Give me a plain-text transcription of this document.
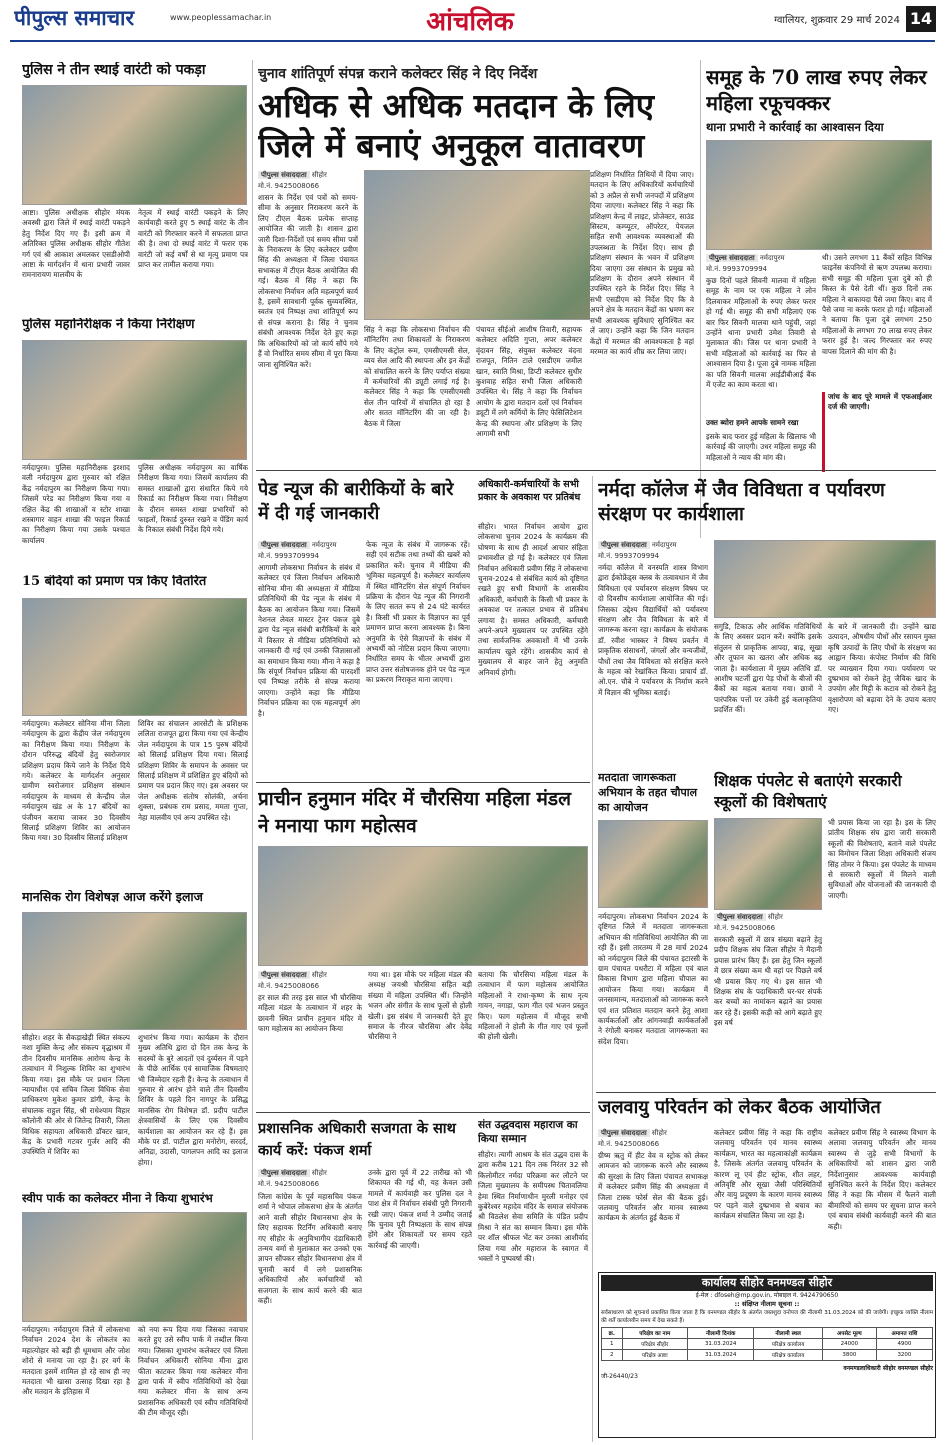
पीपुल्स समाचार	www.peoplessamachar.in	आंचलिक	ग्वालियर, शुक्रवार 29 मार्च 2024 14
पुलिस ने तीन स्थाई वारंटी को पकड़ा
आष्टा। पुलिस अधीक्षक सीहोर मंयक अवस्थी द्वारा जिले में स्थाई वारंटी पकड़ने हेतु निर्देश दिए गए हैं। इसी क्रम में अतिरिक्त पुलिस अधीक्षक सीहोर गीतेश गर्ग एवं श्री आकाश अमलकर एसडीओपी आष्टा के मार्गदर्शन में थाना प्रभारी जावर रामनारायण मालवीय के
नेतृत्व में स्थाई वारंटी पकड़ने के लिए कार्यवाही करते हुए 5 स्थाई वारंट के तीन वारंटी को गिरफ्तार करने में सफलता प्राप्त की है। तथा दो स्थाई वारंट में फरार एक वारंटी जो कई वर्षों से था मृत्यु प्रमाण पत्र प्राप्त कर तामील कराया गया।
पुलिस महानिरीक्षक ने किया निरीक्षण
नर्मदापुरम। पुलिस महानिरीक्षक इरशाद वली नर्मदापुरम द्वारा गुरुवार को रक्षित केंद्र नर्मदापुरम का निरीक्षण किया गया। जिसमें परेड का निरीक्षण किया गया व रक्षित केंद्र की शाखाओं व स्टोर शाखा शस्त्रागार वाहन शाखा की फाइल रिकार्ड का निरीक्षण किया गया उसके पश्चात कार्यालय
पुलिस अधीक्षक नर्मदापुरम का वार्षिक निरीक्षण किया गया। जिसमें कार्यालय की समस्त शाखाओं द्वारा संधारित किये गये रिकार्ड का निरीक्षण किया गया। निरीक्षण के दौरान समस्त शाखा प्रभारियों को फाइलों, रिकार्ड दुरुस्त रखने व पेंडिंग कार्य के निकाल संबंधी निर्देश दिये गये।
15 बंदियों को प्रमाण पत्र किए वितरित
नर्मदापुरम। कलेक्टर सोनिया मीना जिला नर्मदापुरम के द्वारा केंद्रीय जेल नर्मदापुरम का निरीक्षण किया गया। निरीक्षण के दौरान परिरुद्ध बंदियों हेतु स्वरोजगार प्रशिक्षण प्रदाय किये जाने के निर्देश दिये गये। कलेक्टर के मार्गदर्शन अनुसार ग्रामीण स्वरोजगार प्रशिक्षण संस्थान नर्मदापुरम के माध्यम से केन्द्रीय जेल नर्मदापुरम खंड अ के 17 बंदियों का पंजीयन कराया जाकर 30 दिवसीय सिलाई प्रशिक्षण शिविर का आयोजन किया गया। 30 दिवसीय सिलाई प्रशिक्षण
शिविर का संचालन आरसेटी के प्रशिक्षक ललिता राजपूत द्वारा किया गया एवं केन्द्रीय जेल नर्मदापुरम के पात्र 15 पुरुष बंदियों को सिलाई प्रशिक्षण दिया गया। सिलाई प्रशिक्षण शिविर के समापन के अवसर पर सिलाई प्रशिक्षण में प्रशिक्षित हुए बंदियों को प्रमाण पत्र प्रदान किए गए। इस अवसर पर जेल अधीक्षक संतोष सोलंकी, अर्चना शुक्ला, प्रबंधक राम प्रसाद, ममता गुप्ता, नेहा मालवीय एवं अन्य उपस्थित रहे।
मानसिक रोग विशेषज्ञ आज करेंगे इलाज
सीहोर। शहर के सैकड़ाखेड़ी स्थित संकल्प नशा मुक्ति केन्द्र और संकल्प वृद्धाश्रम में तीन दिवसीय मानसिक आरोग्य केन्द्र के तत्वाधान में निशुल्क शिविर का शुभारंभ किया गया। इस मौके पर प्रधान जिला न्यायाधीश एवं सचिव जिला विधिक सेवा प्राधिकरण मुकेश कुमार डांगी, केन्द्र के संचालक राहुल सिंह, श्री राधेश्याम विहार कॉलोनी की ओर से जितेन्द्र तिवारी, जिला विधिक सहायता अधिकारी डॉक्टर खान, केंद्र के प्रभारी गटवर गुर्जर आदि की उपस्थिति में शिविर का
शुभारंभ किया गया। कार्यक्रम के दौरान मुख्य अतिथि द्वारा दो दिन तक केन्द्र के सदस्यों के बुरे आदतों एवं दुर्व्यसन में पड़ने के पीछे आर्थिक एवं सामाजिक विषमताएं भी जिम्मेदार रहती हैं। केन्द्र के तत्वाधान में गुरुवार से आरंभ होने वाले तीन दिवसीय शिविर के पहले दिन नागपुर के प्रसिद्ध मानसिक रोग विशेषज्ञ डॉ. प्रदीप पाटील क्षेत्रवासियों के लिए एक दिवसीय कार्यशाला का आयोजन कर रहे हैं। इस मौके पर डॉ. पाटील द्वारा मनोरोग, सरदर्द, अनिद्रा, उदासी, पागलपन आदि का इलाज होगा।
स्वीप पार्क का कलेक्टर मीना ने किया शुभारंभ
नर्मदापुरम। नर्मदापुरम जिले में लोकसभा निर्वाचन 2024 देश के लोकतंत्र का महात्योहार को बड़ी ही धूमधाम और जोश शोरो से मनाया जा रहा है। हर वर्ग के मतदाता इसमें शामिल हो रहे साथ ही नए मतदाता भी खासा उत्साह दिखा रहा है और मतदान के इतिहास में
को नया रूप दिया गया जिसका नवाचार करते हुए उसे स्वीप पार्क में तब्दील किया गया। जिसका शुभारंभ कलेक्टर एवं जिला निर्वाचन अधिकारी सोनिया मीना द्वारा फीता काटकर किया गया कलेक्टर मीना द्वारा पार्क में स्वीप गतिविधियों को देखा गया कलेक्टर मीना के साथ अन्य प्रशासनिक अधिकारी एवं स्वीप गतिविधियों की टीम मौजूद रही।
चुनाव शांतिपूर्ण संपन्न कराने कलेक्टर सिंह ने दिए निर्देश
अधिक से अधिक मतदान के लिए जिले में बनाएं अनुकूल वातावरण
पीपुल्स संवाददाता सीहोर
मो.नं. 9425008066
शासन के निर्देश एवं पत्रों को समय-सीमा के अनुसार निराकरण करने के लिए टीएल बैठक प्रत्येक सप्ताह आयोजित की जाती है। शासन द्वारा जारी दिशा-निर्देशों एवं समय सीमा पत्रों के निराकरण के लिए कलेक्टर प्रवीण सिंह की अध्यक्षता में जिला पंचायत सभाकक्ष में टीएल बैठक आयोजित की गई। बैठक में सिंह ने कहा कि लोकसभा निर्वाचन अति महत्वपूर्ण कार्य है, इसमें सावधानी पूर्वक सुव्यवस्थित, स्वतंत्र एवं निष्पक्ष तथा शांतिपूर्ण रूप से संपन्न कराना है। सिंह ने चुनाव संबंधी आवश्यक निर्देश देते हुए कहा कि अधिकारियों को जो कार्य सौंपे गये हैं वो निर्धारित समय सीमा में पूरा किया जाना सुनिश्चित करें।
सिंह ने कहा कि लोकसभा निर्वाचन की मॉनिटरिंग तथा शिकायतों के निराकरण के लिए कंट्रोल रूम, एमसीएमसी सेल, व्यय सेल आदि की स्थापना और इन केंद्रों को संचालित करने के लिए पर्याप्त संख्या में कर्मचारियों की ड्यूटी लगाई गई है। कलेक्टर सिंह ने कहा कि एमसीएमसी सेल तीन पारियों में संचालित हो रहा है और सतत मॉनिटरिंग की जा रही है। बैठक में जिला
पंचायत सीईओ आशीष तिवारी, सहायक कलेक्टर अदिति गुप्ता, अपर कलेक्टर वृंदावन सिंह, संयुक्त कलेक्टर वंदना राजपूत, नितिन टाले एसडीएम जमील खान, स्वाति मिश्रा, डिप्टी कलेक्टर सुधीर कुशवाह सहित सभी जिला अधिकारी उपस्थित थे। सिंह ने कहा कि निर्वाचन आयोग के द्वारा मतदान दलों एवं निर्वाचन ड्यूटी में लगे कर्मियों के लिए फेसिलिटेशन केन्द्र की स्थापना और प्रशिक्षण के लिए आगामी सभी
प्रशिक्षण निर्धारित तिथियों में दिया जाए। मतदान के लिए अधिकारियों कर्मचारियों को 3 अप्रैल से सभी जनपदों में प्रशिक्षण दिया जाएगा। कलेक्टर सिंह ने कहा कि प्रशिक्षण केन्द्र में लाइट, प्रोजेक्टर, साउंड सिस्टम, कम्प्यूटर, ऑपरेटर, पेयजल सहित सभी आवश्यक व्यवस्थाओं की उपलब्धता के निर्देश दिए। साथ ही प्रशिक्षण संस्थान के भवन में प्रशिक्षण दिया जाएगा उस संस्थान के प्रमुख को प्रशिक्षण के दौरान अपने संस्थान में उपस्थित रहने के निर्देश दिए। सिंह ने सभी एसडीएम को निर्देश दिए कि वे अपने क्षेत्र के मतदान केंद्रों का भ्रमण कर सभी आवश्यक सुविधाएं सुनिश्चित कर लें जाए। उन्होंने कहा कि जिन मतदान केंद्रों में मरम्मत की आवश्यकता है वहां मरम्मत का कार्य शीघ्र कर लिया जाए।
समूह के 70 लाख रुपए लेकर महिला रफूचक्कर
थाना प्रभारी ने कार्रवाई का आश्वासन दिया
पीपुल्स संवाददाता नर्मदापुरम
मो.नं. 9993709994
कुछ दिनों पहले सिवनी मालवा में महिला समूह के नाम पर एक महिला ने लोन दिलवाकर महिलाओं के रुपए लेकर फरार हो गई थी। समूह की सभी महिलाएं एक बार फिर सिवनी मालवा थाने पहुंची, जहां उन्होंने थाना प्रभारी उमेश तिवारी से मुलाकात की। जिस पर थाना प्रभारी ने सभी महिलाओं को कार्रवाई का फिर से आश्वासन दिया है। पूजा दुबे नामक महिला का पति सिवनी मालवा आईडीबीआई बैंक में एजेंट का काम करता था।
उक्त ब्योरा हमने आपके सामने रखा
इसके बाद फरार हुई महिला के खिलाफ भी कार्रवाई की जाएगी। उधर महिला समूह की महिलाओं ने न्याय की मांग की।
थी। उसने लगभग 11 बैंकों सहित विभिन्न फाइनेंस कंपनियों से ऋण उपलब्ध कराया। सभी समूह की महिला पूजा दुबे को ही किस्त के पैसे देती थीं। कुछ दिनों तक महिला ने बाकायदा पैसे जमा किए। बाद में पैसे जमा ना करके फरार हो गई। महिलाओं ने बताया कि पूजा दुबे लगभग 250 महिलाओं के लगभग 70 लाख रुपए लेकर फरार हुई है। जल्द गिरफ्तार कर रुपए वापस दिलाने की मांग की है।
जांच के बाद पूरे मामले में एफआईआर दर्ज की जाएगी।
पेड न्यूज की बारीकियों के बारे में दी गई जानकारी
पीपुल्स संवाददाता नर्मदापुरम
मो.नं. 9993709994
आगामी लोकसभा निर्वाचन के संबंध में कलेक्टर एवं जिला निर्वाचन अधिकारी सोनिया मीना की अध्यक्षता में मीडिया प्रतिनिधियों की पेड न्यूज के संबंध में बैठक का आयोजन किया गया। जिसमें नेशनल लेवल मास्टर ट्रेनर पंकज दुबे द्वारा पेड न्यूज संबंधी बारीकियों के बारे में विस्तार से मीडिया प्रतिनिधियों को जानकारी दी गई एवं उनकी जिज्ञासाओं का समाधान किया गया। मीना ने कहा है कि संपूर्ण निर्वाचन प्रक्रिया की पारदर्शी एवं निष्पक्ष तरीके से संपन्न कराया जाएगा। उन्होंने कहा कि मीडिया निर्वाचन प्रक्रिया का एक महत्वपूर्ण अंग है।
फेक न्यूज के संबंध में जागरूक रहें। सही एवं सटीक तथा तथ्यों की खबरें को प्रकाशित करें। चुनाव में मीडिया की भूमिका महत्वपूर्ण है। कलेक्टर कार्यालय में स्थित मॉनिटरिंग सेल संपूर्ण निर्वाचन प्रक्रिया के दौरान पेड न्यूज की निगरानी के लिए सतत रूप से 24 घंटे कार्यरत है। किसी भी प्रकार के विज्ञापन का पूर्व प्रमाणन प्राप्त करना आवश्यक है। बिना अनुमति के ऐसे विज्ञापनों के संबंध में अभ्यर्थी को नोटिस प्रदान किया जाएगा। निर्धारित समय के भीतर अभ्यर्थी द्वारा प्राप्त उत्तर संतोषजनक होने पर पेड न्यूज का प्रकरण निराकृत माना जाएगा।
अधिकारी-कर्मचारियों के सभी प्रकार के अवकाश पर प्रतिबंध
सीहोर। भारत निर्वाचन आयोग द्वारा लोकसभा चुनाव 2024 के कार्यक्रम की घोषणा के साथ ही आदर्श आचार संहिता प्रभावशील हो गई है। कलेक्टर एवं जिला निर्वाचन अधिकारी प्रवीण सिंह ने लोकसभा चुनाव-2024 से संबंधित कार्य को दृष्टिगत रखते हुए सभी विभागों के शासकीय अधिकारी, कर्मचारी के किसी भी प्रकार के अवकाश पर तत्काल प्रभाव से प्रतिबंध लगाया है। समस्त अधिकारी, कर्मचारी अपने-अपने मुख्यालय पर उपस्थित रहेंगे तथा सार्वजनिक अवकाशों में भी उनके कार्यालय खुले रहेंगे। शासकीय कार्य से मुख्यालय से बाहर जाने हेतु अनुमति अनिवार्य होगी।
नर्मदा कॉलेज में जैव विविधता व पर्यावरण संरक्षण पर कार्यशाला
पीपुल्स संवाददाता नर्मदापुरम
मो.नं. 9993709994
नर्मदा कॉलेज में वनस्पति शास्त्र विभाग द्वारा ईकोफ्रेंड्स क्लब के तत्वावधान में जैव विविधता एवं पर्यावरण संरक्षण विषय पर दो दिवसीय कार्यशाला आयोजित की गई। जिसका उद्देश्य विद्यार्थियों को पर्यावरण संरक्षण और जैव विविधता के बारे में जागरूक करना रहा। कार्यक्रम के संयोजक डॉ. रवीश भास्कर ने विषय प्रवर्तन में प्राकृतिक संसाधनों, जंगलों और वन्यजीवों, पौधों तथा जैव विविधता को संरक्षित करने के महत्व को रेखांकित किया। प्राचार्य डॉ. ओ.एन. चौबे ने पर्यावरण के निर्माण करने में विज्ञान की भूमिका बताई।
सगुडि, टिकाऊ और आर्थिक गतिविधियों के लिए अवसर प्रदान करें। क्योंकि इसके संतुलन से प्राकृतिक आपदा, बाढ़, सूखा और तूफान का खतरा और अधिक बढ़ जाता है। कार्यशाला में मुख्य अतिथि डॉ. आशीष चटर्जी द्वारा पेड़ पौधों के बीजों की बैंकों का महत्व बताया गया। छात्रों ने पारंपरिक पत्तों पर उकेरी हुई कलाकृतियां प्रदर्शित कीं।
के बारे में जानकारी दी। उन्होंने खाद्य उत्पादन, औषधीय पौधों और रसायन मुक्त कृषि उत्पादों के लिए पौधों के संरक्षण का आह्वान किया। कंपोस्ट निर्माण की विधि पर व्याख्यान दिया गया। पर्यावरण पर दुष्प्रभाव को रोकने हेतु जैविक खाद के उपयोग और मिट्टी के कटाव को रोकने हेतु वृक्षारोपण को बढ़ावा देने के उपाय बताए गए।
प्राचीन हनुमान मंदिर में चौरसिया महिला मंडल ने मनाया फाग महोत्सव
पीपुल्स संवाददाता सीहोर
मो.नं. 9425008066
हर साल की तरह इस साल भी चौरसिया महिला मंडल के तत्वाधान में शहर के छावनी स्थित प्राचीन हनुमान मंदिर में फाग महोत्सव का आयोजन किया
गया था। इस मौके पर महिला मंडल की अध्यक्ष जयश्री चौरसिया सहित बड़ी संख्या में महिला उपस्थित थीं। जिन्होंने भजन और संगीत के साथ फूलों से होली खेली। इस संबंध में जानकारी देते हुए समाज के नीरज चौरसिया और देवेंद्र चौरसिया ने
बताया कि चौरसिया महिला मंडल के तत्वाधान में फाग महोत्सव आयोजित महिलाओं ने राधा-कृष्ण के साथ नृत्य गायन, नगाड़ा, फाग गीत एवं भजन प्रस्तुत किए। फाग महोत्सव में मौजूद सभी महिलाओं ने होली के गीत गाए एवं फूलों की होली खेली।
प्रशासनिक अधिकारी सजगता के साथ कार्य करें: पंकज शर्मा
पीपुल्स संवाददाता सीहोर
मो.नं. 9425008066
जिला कांग्रेस के पूर्व महासचिव पंकज शर्मा ने भोपाल लोकसभा क्षेत्र के अंतर्गत आने वाली सीहोर विधानसभा क्षेत्र के लिए सहायक रिटर्निंग अधिकारी बनाए गए सीहोर के अनुविभागीय दंडाधिकारी तन्मय वर्मा से मुलाकात कर उनको एक ज्ञापन सौंपकर सीहोर विधानसभा क्षेत्र में चुनावी कार्य में लगे प्रशासनिक अधिकारियों और कर्मचारियों को सजगता के साथ कार्य करने की बात कही।
उनके द्वारा पूर्व में 22 तारीख को भी शिकायत की गई थी, यह केवल उसी मामले में कार्यवाही कर पुलिस दल ने पाश क्षेत्र में निर्वाचन संबंधी पूरी निगरानी रखी जाए। पंकज शर्मा ने उम्मीद जताई कि चुनाव पूरी निष्पक्षता के साथ संपन्न होंगे और शिकायतों पर समय रहते कार्रवाई की जाएगी।
संत उद्धवदास महाराज का किया सम्मान
सीहोर। त्यागी आश्रम के संत उद्धव दास के द्वारा करीब 121 दिन तक निरंतर 32 सौ किलोमीटर नर्मदा परिक्रमा कर लौटने पर जिला मुख्यालय के समीपस्थ चितावलिया हेमा स्थित निर्माणाधीन मुरली मनोहर एवं कुबेरेश्वर महादेव मंदिर के समाज संयोजक श्री विठलेश सेवा समिति के पंडित प्रदीप मिश्रा ने संत का सम्मान किया। इस मौके पर शॉल श्रीफल भेंट कर उनका आशीर्वाद लिया गया और महाराज के स्वागत में भक्तों ने पुष्पवर्षा की।
मतदाता जागरूकता अभियान के तहत चौपाल का आयोजन
नर्मदापुरम। लोकसभा निर्वाचन 2024 के दृष्टिगत जिले में मतदाता जागरूकता अभियान की गतिविधियां आयोजित की जा रही हैं। इसी तारतम्य में 28 मार्च 2024 को नर्मदापुरम जिले की पंचायत इटारसी के ग्राम पंचायत पथरौटा में महिला एवं बाल विकास विभाग द्वारा महिला चौपाल का आयोजन किया गया। कार्यक्रम में जनसामान्य, मतदाताओं को जागरूक करने एवं शत प्रतिशत मतदान करने हेतु आशा कार्यकर्ताओं और आंगनवाड़ी कार्यकर्ताओं ने रंगोली बनाकर मतदाता जागरूकता का संदेश दिया।
शिक्षक पंपलेट से बताएंगे सरकारी स्कूलों की विशेषताएं
पीपुल्स संवाददाता सीहोर
मो.नं. 9425008066
सरकारी स्कूलों में छात्र संख्या बढ़ाने हेतु प्रदीप शिक्षक संघ जिला सीहोर ने मैदानी प्रयास प्रारंभ किए हैं। इस हेतु जिन स्कूलों में छात्र संख्या कम थी वहां पर पिछले वर्ष भी प्रयास किए गए थे। इस साल भी शिक्षक संघ के पदाधिकारी घर-घर संपर्क कर बच्चों का नामांकन बढ़ाने का प्रयास कर रहे हैं। इसकी कड़ी को आगे बढ़ाते हुए इस वर्ष
भी प्रयास किया जा रहा है। इस के लिए प्रांतीय शिक्षक संघ द्वारा जारी सरकारी स्कूलों की विशेषताएं, बताने वाले पंपलेट का विमोचन जिला शिक्षा अधिकारी संजय सिंह तोमर ने किया। इस पंपलेट के माध्यम से सरकारी स्कूलों में मिलने वाली सुविधाओं और योजनाओं की जानकारी दी जाएगी।
जलवायु परिवर्तन को लेकर बैठक आयोजित
पीपुल्स संवाददाता सीहोर
मो.नं. 9425008066
ग्रीष्म ऋतु में हीट वेव व स्ट्रोक को लेकर आमजन को जागरूक करने और स्वास्थ्य की सुरक्षा के लिए जिला पंचायत सभाकक्ष में कलेक्टर प्रवीण सिंह की अध्यक्षता में जिला टास्क फोर्स सेल की बैठक हुई। जलवायु परिवर्तन और मानव स्वास्थ्य कार्यक्रम के अंतर्गत हुई बैठक में
कलेक्टर प्रवीण सिंह ने कहा कि राष्ट्रीय जलवायु परिवर्तन एवं मानव स्वास्थ्य कार्यक्रम, भारत का महत्वाकांक्षी कार्यक्रम है, जिसके अंतर्गत जलवायु परिवर्तन के कारण लू एवं हीट स्ट्रोक, शीत लहर, अतिवृष्टि और सूखा जैसी परिस्थितियों और वायु प्रदूषण के कारण मानव स्वास्थ्य पर पड़ने वाले दुष्प्रभाव से बचाव का कार्यक्रम संचालित किया जा रहा है।
कलेक्टर प्रवीण सिंह ने स्वास्थ्य विभाग के अलावा जलवायु परिवर्तन और मानव स्वास्थ्य से जुड़े सभी विभागों के अधिकारियों को शासन द्वारा जारी निर्देशानुसार आवश्यक कार्यवाही सुनिश्चित करने के निर्देश दिए। कलेक्टर सिंह ने कहा कि मौसम में फैलने वाली बीमारियों को समय पर सूचना प्राप्त करने एवं बचाव संबंधी कार्यवाही करने की बात कही।
कार्यालय सीहोर वनमण्डल सीहोर
ई-मेल : dfoseh@mp.gov.in, मोबाइल नं. 9424790650
:: संक्षिप्त नीलाम सूचना ::
सर्वसाधारण को सूचनार्थ प्रकाशित किया जाता है कि वनमण्डल सीहोर के अंतर्गत जब्तशुदा वनोपज की नीलामी 31.03.2024 को की जावेगी। इच्छुक व्यक्ति नीलाम की शर्तें कार्यालयीन समय में देख सकते हैं।
क्र.	परिक्षेत्र का नाम	नीलामी दिनांक	नीलामी स्थल	अपसेट मूल्य	अमानत राशि
1	परिक्षेत्र सीहोर	31.03.2024	परिक्षेत्र कार्यालय	24000	4900
2	परिक्षेत्र आष्टा	31.03.2024	परिक्षेत्र कार्यालय	3800	3200
वनमण्डलाधिकारी सीहोर वनमण्डल सीहोर
जी-26440/23
